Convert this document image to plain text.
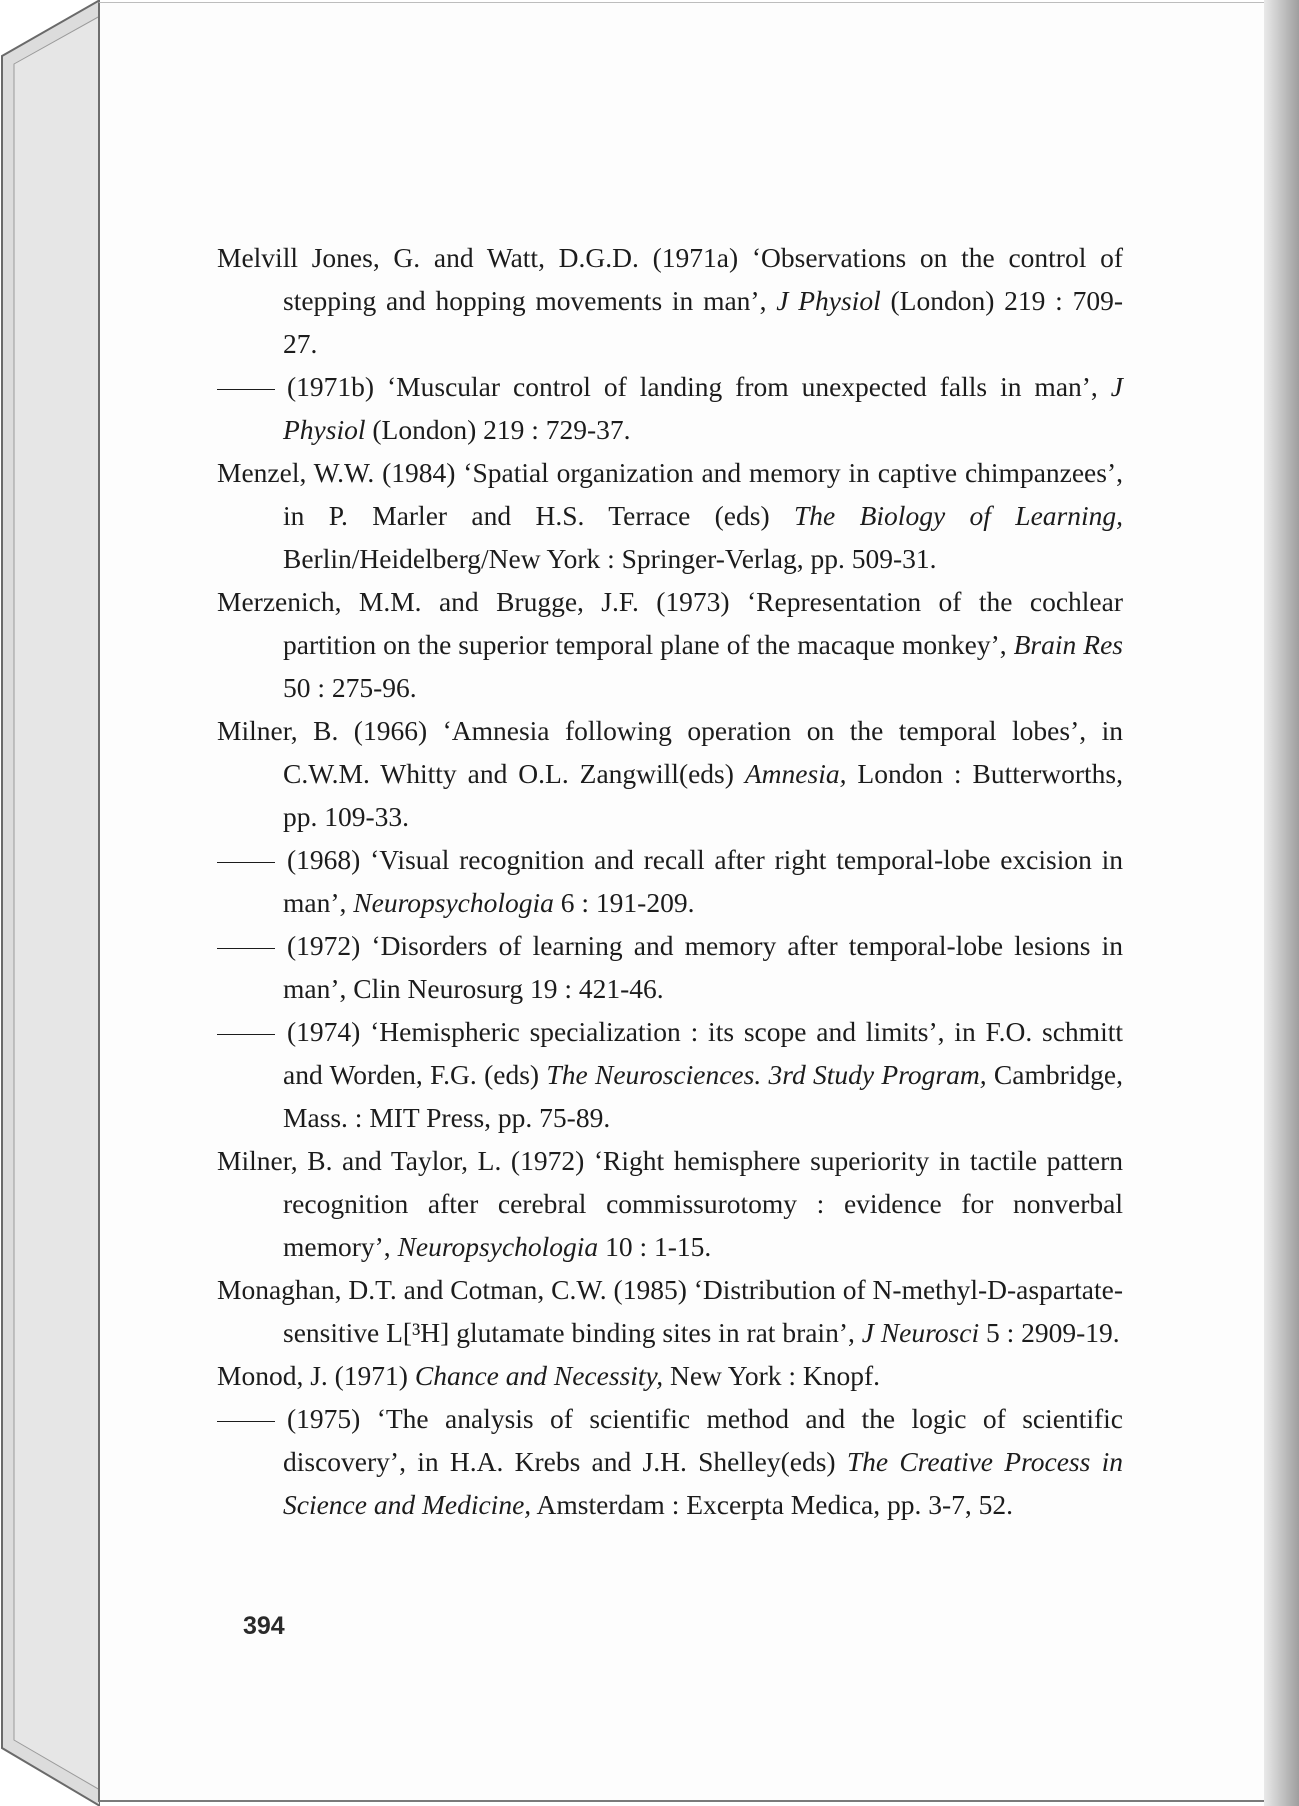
Melvill Jones, G. and Watt, D.G.D. (1971a) ‘Observations on the control of stepping and hopping movements in man’, J Physiol (London) 219 : 709-27.

(1971b) ‘Muscular control of landing from unexpected falls in man’, J Physiol (London) 219 : 729-37.

Menzel, W.W. (1984) ‘Spatial organization and memory in captive chimpanzees’, in P. Marler and H.S. Terrace (eds) The Biology of Learning, Berlin/Heidelberg/New York : Springer-Verlag, pp. 509-31.

Merzenich, M.M. and Brugge, J.F. (1973) ‘Representation of the cochlear partition on the superior temporal plane of the macaque monkey’, Brain Res 50 : 275-96.

Milner, B. (1966) ‘Amnesia following operation on the temporal lobes’, in C.W.M. Whitty and O.L. Zangwill(eds) Amnesia, London : Butterworths, pp. 109-33.

(1968) ‘Visual recognition and recall after right temporal-lobe excision in man’, Neuropsychologia 6 : 191-209.

(1972) ‘Disorders of learning and memory after temporal-lobe lesions in man’, Clin Neurosurg 19 : 421-46.

(1974) ‘Hemispheric specialization : its scope and limits’, in F.O. schmitt and Worden, F.G. (eds) The Neurosciences. 3rd Study Program, Cambridge, Mass. : MIT Press, pp. 75-89.

Milner, B. and Taylor, L. (1972) ‘Right hemisphere superiority in tactile pattern recognition after cerebral commissurotomy : evidence for nonverbal memory’, Neuropsychologia 10 : 1-15.

Monaghan, D.T. and Cotman, C.W. (1985) ‘Distribution of N-methyl-D-aspartate-sensitive L[³H] glutamate binding sites in rat brain’, J Neurosci 5 : 2909-19.

Monod, J. (1971) Chance and Necessity, New York : Knopf.

(1975) ‘The analysis of scientific method and the logic of scientific discovery’, in H.A. Krebs and J.H. Shelley(eds) The Creative Process in Science and Medicine, Amsterdam : Excerpta Medica, pp. 3-7, 52.

394
